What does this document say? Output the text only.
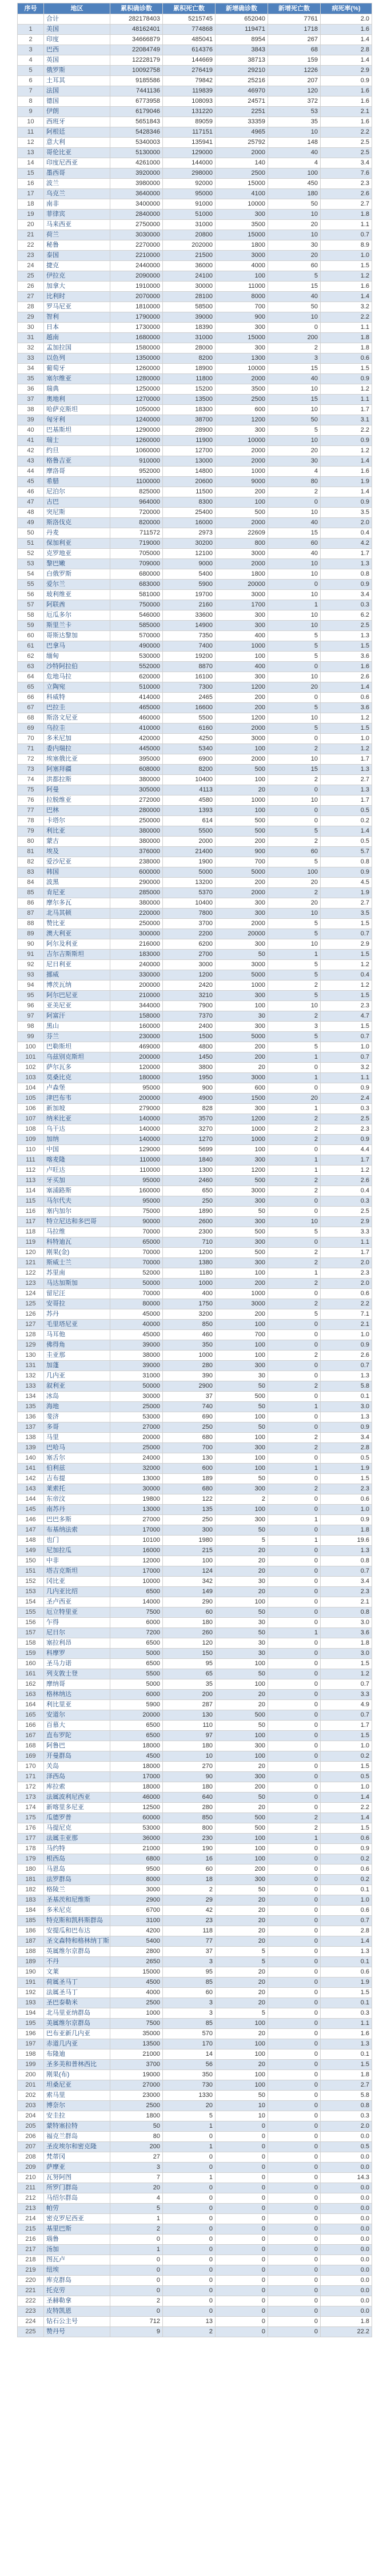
序号	地区	累积确诊数	累积死亡数	新增确诊数	新增死亡数	病死率(%)
	合计	282178403	5215745	652040	7761	2.0
1	美国	48162401	774868	119471	1718	1.6
2	印度	34666879	485041	8954	267	1.4
3	巴西	22084749	614376	3843	68	2.8
4	英国	12228179	144669	38713	159	1.4
5	俄罗斯	10092758	276419	29210	1226	2.9
6	土耳其	9185586	79842	25216	207	0.9
7	法国	7441136	119839	46970	120	1.6
8	德国	6773958	108093	24571	372	1.6
9	伊朗	6179046	131220	2251	53	2.1
10	西班牙	5651843	89059	33359	35	1.6
11	阿根廷	5428346	117151	4965	10	2.2
12	意大利	5340003	135941	25792	148	2.5
13	哥伦比亚	5130000	129000	2000	40	2.5
14	印度尼西亚	4261000	144000	140	4	3.4
15	墨西哥	3920000	298000	2500	100	7.6
16	波兰	3980000	92000	15000	450	2.3
17	乌克兰	3640000	95000	4100	180	2.6
18	南非	3400000	91000	10000	50	2.7
19	菲律宾	2840000	51000	300	10	1.8
20	马来西亚	2750000	31000	3500	20	1.1
21	荷兰	3030000	20800	15000	10	0.7
22	秘鲁	2270000	202000	1800	30	8.9
23	泰国	2210000	21500	3000	20	1.0
24	捷克	2440000	36000	4000	60	1.5
25	伊拉克	2090000	24100	100	5	1.2
26	加拿大	1910000	30000	11000	15	1.6
27	比利时	2070000	28100	8000	40	1.4
28	罗马尼亚	1810000	58500	700	50	3.2
29	智利	1790000	39000	900	10	2.2
30	日本	1730000	18390	300	0	1.1
31	越南	1680000	31000	15000	200	1.8
32	孟加拉国	1580000	28000	300	2	1.8
33	以色列	1350000	8200	1300	3	0.6
34	葡萄牙	1260000	18900	10000	15	1.5
35	塞尔维亚	1280000	11800	2000	40	0.9
36	瑞典	1250000	15200	3500	10	1.2
37	奥地利	1270000	13500	2500	15	1.1
38	哈萨克斯坦	1050000	18300	600	10	1.7
39	匈牙利	1240000	38700	1200	50	3.1
40	巴基斯坦	1290000	28900	300	5	2.2
41	瑞士	1260000	11900	10000	10	0.9
42	约旦	1060000	12700	2000	20	1.2
43	格鲁吉亚	910000	13000	2000	30	1.4
44	摩洛哥	952000	14800	1000	4	1.6
45	希腊	1100000	20600	9000	80	1.9
46	尼泊尔	825000	11500	200	2	1.4
47	古巴	964000	8300	100	0	0.9
48	突尼斯	720000	25400	500	10	3.5
49	斯洛伐克	820000	16000	2000	40	2.0
50	丹麦	711572	2973	22609	15	0.4
51	保加利亚	719000	30200	800	60	4.2
52	克罗地亚	705000	12100	3000	40	1.7
53	黎巴嫩	709000	9000	2000	10	1.3
54	白俄罗斯	680000	5400	1800	10	0.8
55	爱尔兰	683000	5900	20000	0	0.9
56	玻利维亚	581000	19700	3000	10	3.4
57	阿联酋	750000	2160	1700	1	0.3
58	厄瓜多尔	546000	33600	300	10	6.2
59	斯里兰卡	585000	14900	300	10	2.5
60	哥斯达黎加	570000	7350	400	5	1.3
61	巴拿马	490000	7400	1000	5	1.5
62	缅甸	530000	19200	100	5	3.6
63	沙特阿拉伯	552000	8870	400	0	1.6
64	危地马拉	620000	16100	300	10	2.6
65	立陶宛	510000	7300	1200	20	1.4
66	科威特	414000	2465	200	0	0.6
67	巴拉圭	465000	16600	200	5	3.6
68	斯洛文尼亚	460000	5500	1200	10	1.2
69	乌拉圭	410000	6160	2000	5	1.5
70	多米尼加	420000	4250	3000	0	1.0
71	委内瑞拉	445000	5340	100	2	1.2
72	埃塞俄比亚	395000	6900	2000	10	1.7
73	阿塞拜疆	608000	8200	500	15	1.3
74	洪都拉斯	380000	10400	100	2	2.7
75	阿曼	305000	4113	20	0	1.3
76	拉脱维亚	272000	4580	1000	10	1.7
77	巴林	280000	1393	100	0	0.5
78	卡塔尔	250000	614	500	0	0.2
79	利比亚	380000	5500	500	5	1.4
80	蒙古	380000	2000	200	2	0.5
81	埃及	376000	21400	900	60	5.7
82	爱沙尼亚	238000	1900	700	5	0.8
83	韩国	600000	5000	5000	100	0.9
84	波黑	290000	13200	200	20	4.5
85	肯尼亚	285000	5370	2000	2	1.9
86	摩尔多瓦	380000	10400	300	20	2.7
87	北马其顿	220000	7800	300	10	3.5
88	赞比亚	250000	3700	2000	5	1.5
89	澳大利亚	300000	2200	20000	5	0.7
90	阿尔及利亚	216000	6200	300	10	2.9
91	吉尔吉斯斯坦	183000	2700	50	1	1.5
92	尼日利亚	240000	3000	3000	5	1.2
93	挪威	330000	1200	5000	5	0.4
94	博茨瓦纳	200000	2420	1000	2	1.2
95	阿尔巴尼亚	210000	3210	300	5	1.5
96	亚美尼亚	344000	7900	100	10	2.3
97	阿富汗	158000	7370	30	2	4.7
98	黑山	160000	2400	300	3	1.5
99	芬兰	230000	1500	5000	5	0.7
100	巴勒斯坦	469000	4800	200	5	1.0
101	乌兹别克斯坦	200000	1450	200	1	0.7
102	萨尔瓦多	120000	3800	20	0	3.2
103	莫桑比克	180000	1950	3000	1	1.1
104	卢森堡	95000	900	600	0	0.9
105	津巴布韦	200000	4900	1500	20	2.4
106	新加坡	279000	828	300	1	0.3
107	纳米比亚	140000	3570	1200	2	2.5
108	乌干达	140000	3270	1000	2	2.3
109	加纳	140000	1270	1000	2	0.9
110	中国	129000	5699	100	0	4.4
111	喀麦隆	110000	1840	300	1	1.7
112	卢旺达	110000	1300	1200	1	1.2
113	牙买加	95000	2460	500	2	2.6
114	塞浦路斯	160000	650	3000	2	0.4
115	马尔代夫	95000	250	300	0	0.3
116	塞内加尔	75000	1890	50	0	2.5
117	特立尼达和多巴哥	90000	2600	300	10	2.9
118	马拉维	70000	2300	500	5	3.3
119	科特迪瓦	65000	710	300	0	1.1
120	刚果(金)	70000	1200	500	2	1.7
121	斯威士兰	70000	1380	300	2	2.0
122	苏里南	52000	1180	100	1	2.3
123	马达加斯加	50000	1000	200	2	2.0
124	留尼汪	70000	400	1000	0	0.6
125	安哥拉	80000	1750	3000	2	2.2
126	苏丹	45000	3200	200	5	7.1
127	毛里塔尼亚	40000	850	100	0	2.1
128	马耳他	45000	460	700	0	1.0
129	佛得角	39000	350	100	0	0.9
130	圭亚那	38000	1000	100	2	2.6
131	加蓬	39000	280	300	0	0.7
132	几内亚	31000	390	30	0	1.3
133	叙利亚	50000	2900	50	2	5.8
134	冰岛	30000	37	500	0	0.1
135	海地	25000	740	50	1	3.0
136	斐济	53000	690	100	0	1.3
137	多哥	27000	250	50	0	0.9
138	马里	20000	680	100	2	3.4
139	巴哈马	25000	700	300	2	2.8
140	塞舌尔	24000	130	100	0	0.5
141	伯利兹	32000	600	100	1	1.9
142	吉布提	13000	189	50	0	1.5
143	莱索托	30000	680	300	2	2.3
144	东帝汶	19800	122	2	0	0.6
145	南苏丹	13000	135	100	0	1.0
146	巴巴多斯	27000	250	300	1	0.9
147	布基纳法索	17000	300	50	0	1.8
148	也门	10100	1980	5	1	19.6
149	尼加拉瓜	16000	215	20	0	1.3
150	中非	12000	100	20	0	0.8
151	塔吉克斯坦	17000	124	20	0	0.7
152	冈比亚	10000	342	30	0	3.4
153	几内亚比绍	6500	149	20	0	2.3
154	圣卢西亚	14000	290	100	0	2.1
155	厄立特里亚	7500	60	50	0	0.8
156	乍得	6000	180	30	0	3.0
157	尼日尔	7200	260	50	1	3.6
158	塞拉利昂	6500	120	30	0	1.8
159	科摩罗	5000	150	30	0	3.0
160	圣马力诺	6500	95	100	0	1.5
161	列支敦士登	5500	65	50	0	1.2
162	摩纳哥	5000	35	100	0	0.7
163	格林纳达	6000	200	20	0	3.3
164	利比里亚	5900	287	20	0	4.9
165	安道尔	20000	130	500	0	0.7
166	百慕大	6500	110	50	0	1.7
167	直布罗陀	6500	97	100	0	1.5
168	阿鲁巴	18000	180	300	0	1.0
169	开曼群岛	4500	10	100	0	0.2
170	关岛	18000	270	20	0	1.5
171	泽西岛	17000	90	300	0	0.5
172	库拉索	18000	180	200	0	1.0
173	法属波利尼西亚	46000	640	50	0	1.4
174	新喀里多尼亚	12500	280	20	0	2.2
175	瓜德罗普	60000	850	500	2	1.4
176	马提尼克	53000	800	500	2	1.5
177	法属圭亚那	36000	230	100	1	0.6
178	马约特	21000	190	100	0	0.9
179	根西岛	6800	16	100	0	0.2
180	马恩岛	9500	60	200	0	0.6
181	法罗群岛	8000	18	300	0	0.2
182	格陵兰	3000	2	50	0	0.1
183	圣基茨和尼维斯	2900	29	20	0	1.0
184	多米尼克	6700	42	20	0	0.6
185	特克斯和凯科斯群岛	3100	23	20	0	0.7
186	安提瓜和巴布达	4200	118	20	0	2.8
187	圣文森特和格林纳丁斯	5400	77	20	0	1.4
188	英属维尔京群岛	2800	37	5	0	1.3
189	不丹	2650	3	5	0	0.1
190	文莱	15000	95	20	0	0.6
191	荷属圣马丁	4500	85	20	0	1.9
192	法属圣马丁	4000	60	20	0	1.5
193	圣巴泰勒米	2500	3	20	0	0.1
194	北马里亚纳群岛	1000	3	5	0	0.3
195	美属维尔京群岛	7500	85	100	0	1.1
196	巴布亚新几内亚	35000	570	20	0	1.6
197	赤道几内亚	13500	170	100	0	1.3
198	布隆迪	21000	14	100	0	0.1
199	圣多美和普林西比	3700	56	20	0	1.5
200	刚果(布)	19000	350	100	0	1.8
201	坦桑尼亚	27000	730	100	0	2.7
202	索马里	23000	1330	50	0	5.8
203	博奈尔	2500	20	10	0	0.8
204	安圭拉	1800	5	10	0	0.3
205	蒙特塞拉特	50	1	0	0	2.0
206	福克兰群岛	80	0	0	0	0.0
207	圣皮埃尔和密克隆	200	1	0	0	0.5
208	梵蒂冈	27	0	0	0	0.0
209	萨摩亚	3	0	0	0	0.0
210	瓦努阿图	7	1	0	0	14.3
211	所罗门群岛	20	0	0	0	0.0
212	马绍尔群岛	4	0	0	0	0.0
213	帕劳	5	0	0	0	0.0
214	密克罗尼西亚	1	0	0	0	0.0
215	基里巴斯	2	0	0	0	0.0
216	瑙鲁	0	0	0	0	0.0
217	汤加	1	0	0	0	0.0
218	图瓦卢	0	0	0	0	0.0
219	纽埃	0	0	0	0	0.0
220	库克群岛	0	0	0	0	0.0
221	托克劳	0	0	0	0	0.0
222	圣赫勒拿	2	0	0	0	0.0
223	皮特凯恩	0	0	0	0	0.0
224	钻石公主号	712	13	0	0	1.8
225	赞丹号	9	2	0	0	22.2
